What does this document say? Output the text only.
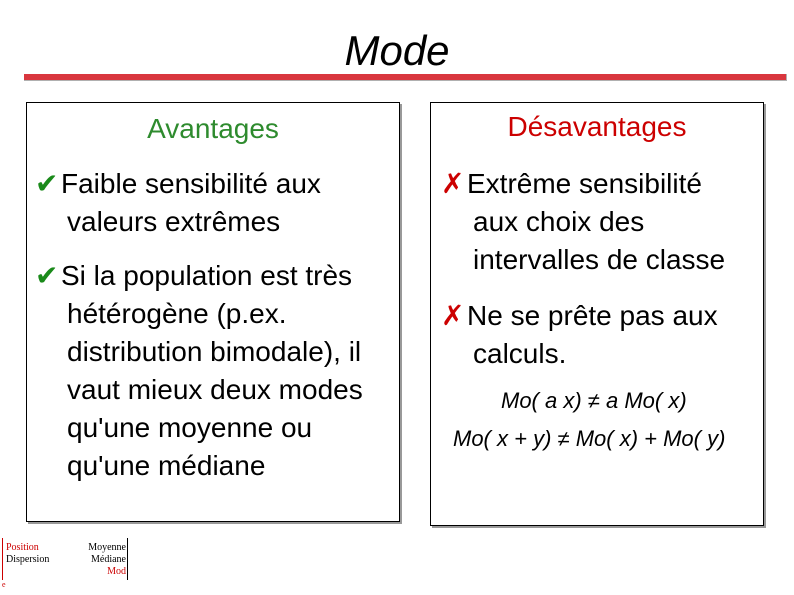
Mode
Avantages
✔Faible sensibilité aux
valeurs extrêmes
✔Si la population est très
hétérogène (p.ex.
distribution bimodale), il
vaut mieux deux modes
qu'une moyenne ou
qu'une médiane
Désavantages
✗Extrême sensibilité
aux choix des
intervalles de classe
✗Ne se prête pas aux
calculs.
Mo( a x) ≠ a Mo( x)
Mo( x + y) ≠ Mo( x) + Mo( y)
Position
Dispersion
Moyenne
Médiane
Mod
e
